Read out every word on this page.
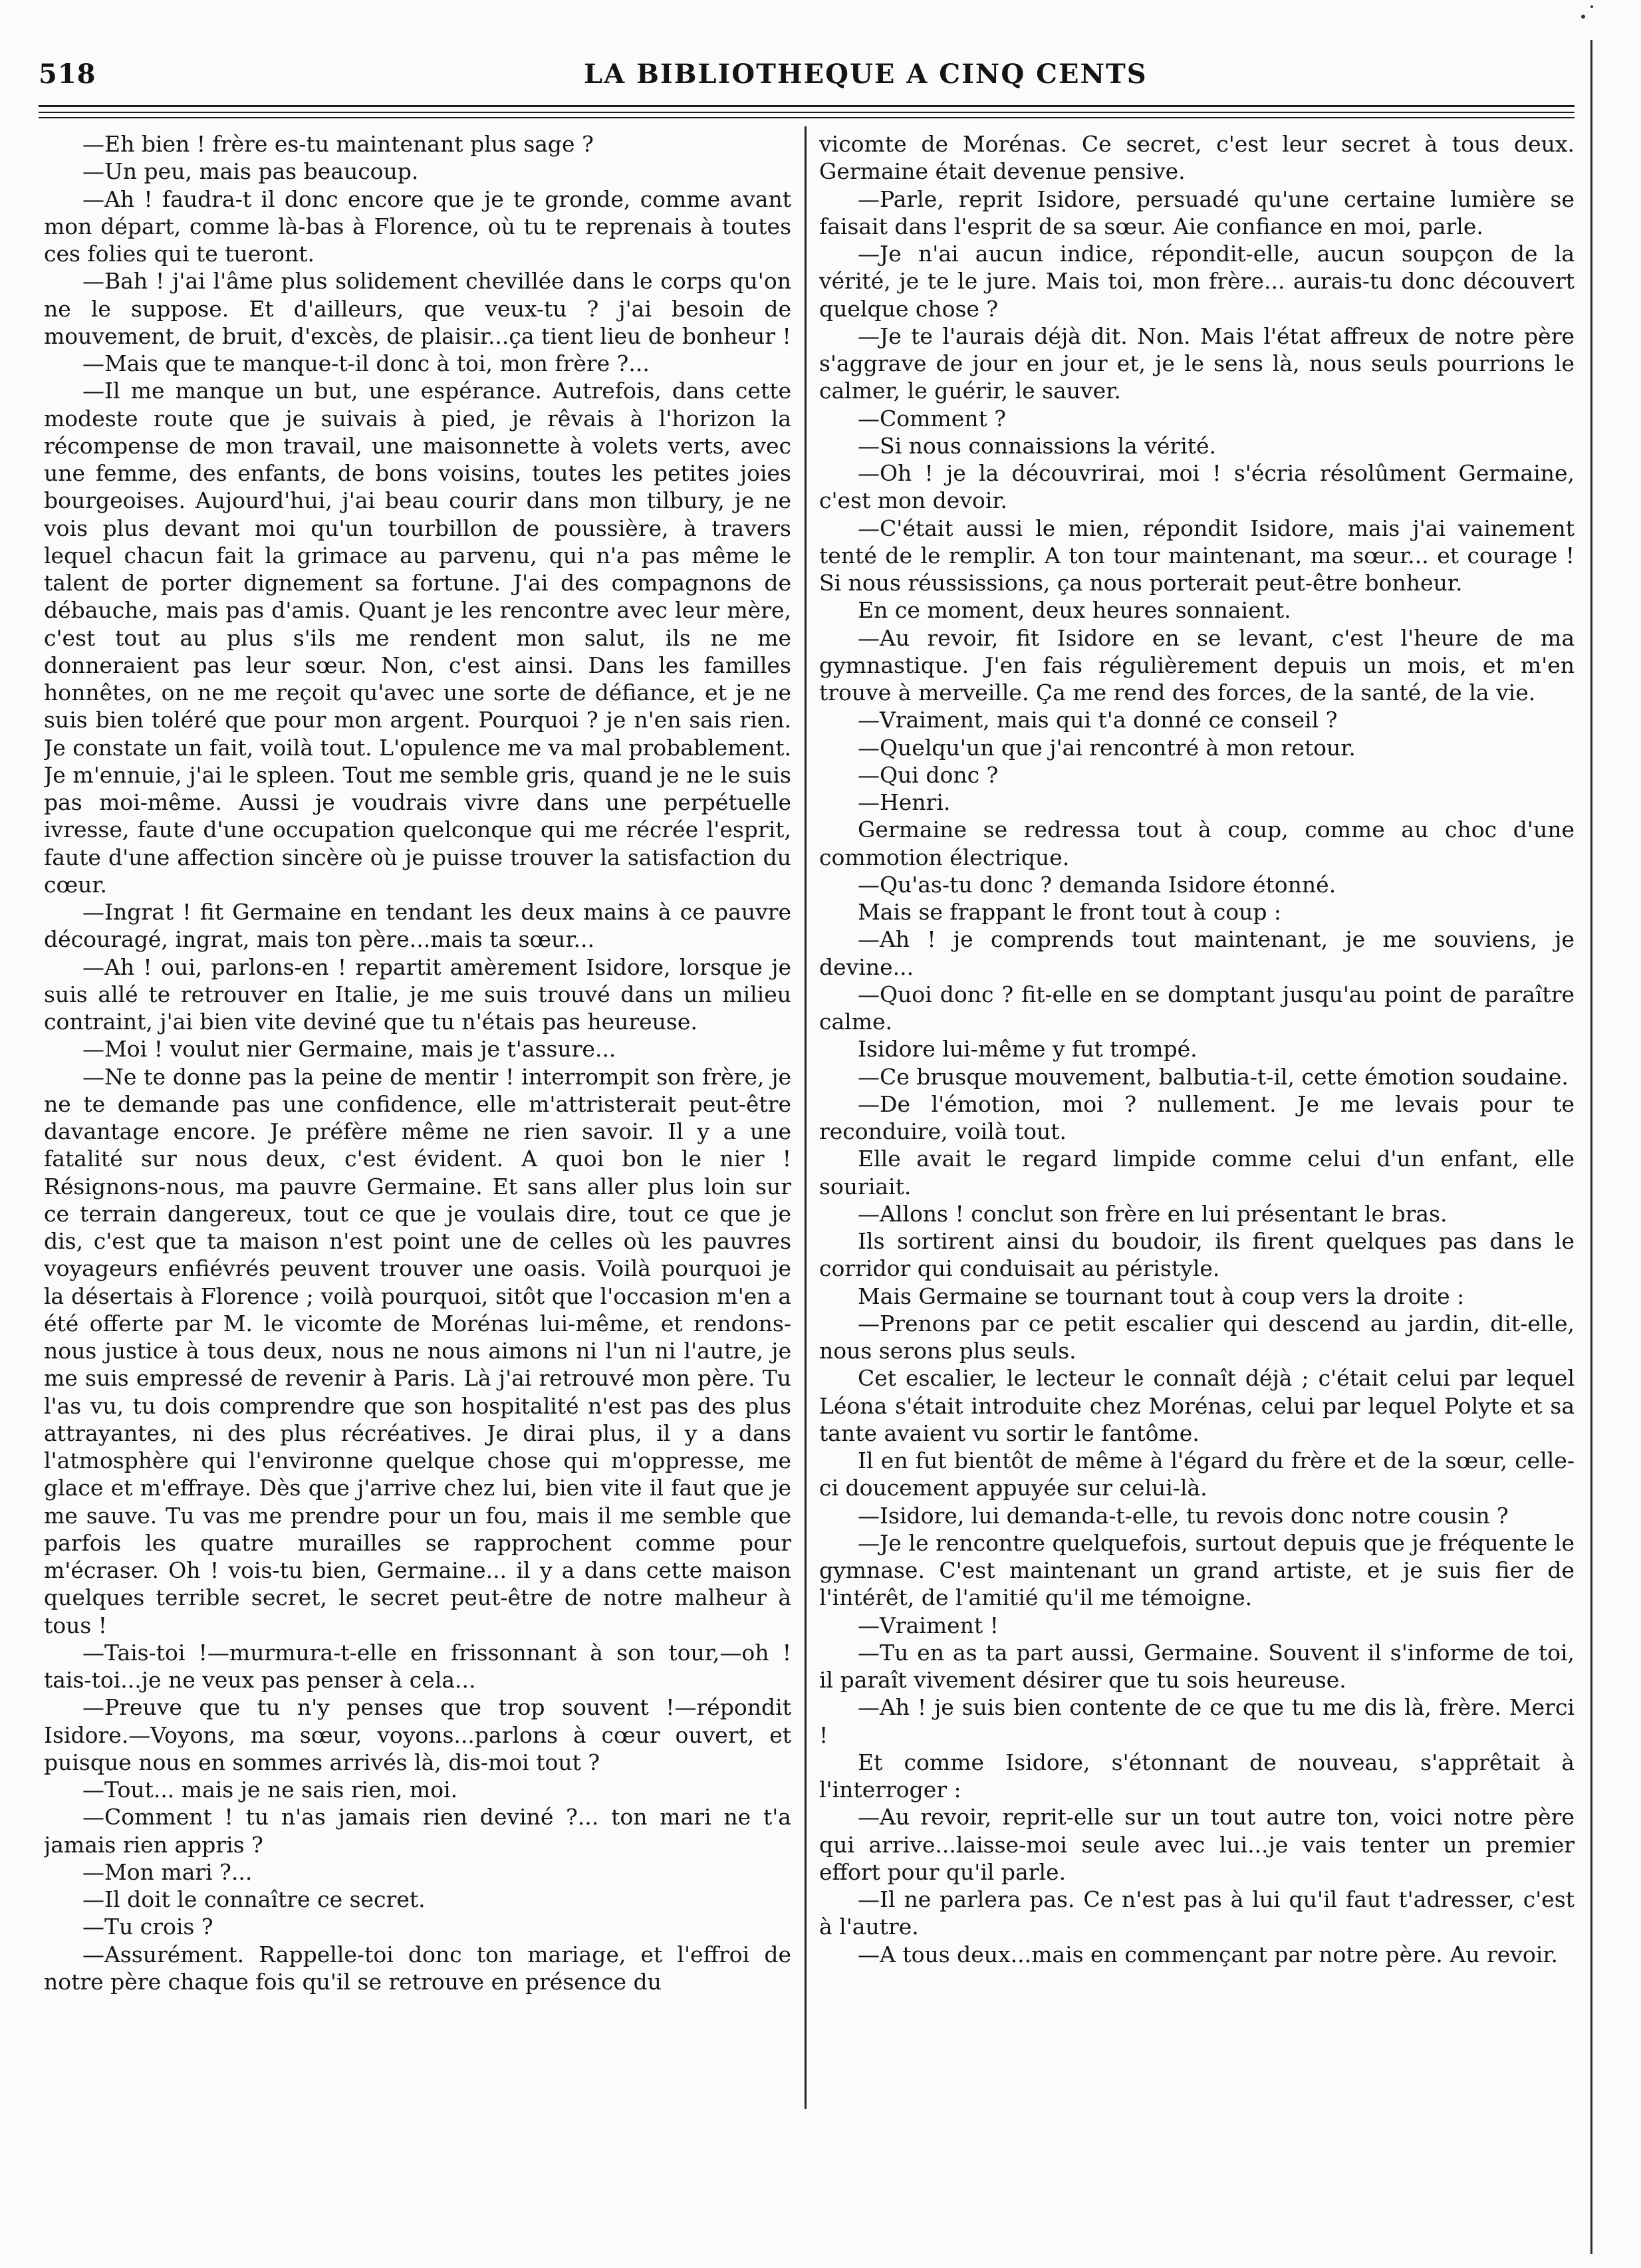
518	LA BIBLIOTHEQUE A CINQ CENTS

—Eh bien ! frère es-tu maintenant plus sage ?

—Un peu, mais pas beaucoup.

—Ah ! faudra-t il donc encore que je te gronde, comme avant mon départ, comme là-bas à Florence, où tu te reprenais à toutes ces folies qui te tueront.

—Bah ! j'ai l'âme plus solidement chevillée dans le corps qu'on ne le suppose. Et d'ailleurs, que veux-tu ? j'ai besoin de mouvement, de bruit, d'excès, de plaisir...ça tient lieu de bonheur !

—Mais que te manque-t-il donc à toi, mon frère ?...

—Il me manque un but, une espérance. Autrefois, dans cette modeste route que je suivais à pied, je rêvais à l'horizon la récompense de mon travail, une maisonnette à volets verts, avec une femme, des enfants, de bons voisins, toutes les petites joies bourgeoises. Aujourd'hui, j'ai beau courir dans mon tilbury, je ne vois plus devant moi qu'un tourbillon de poussière, à travers lequel chacun fait la grimace au parvenu, qui n'a pas même le talent de porter dignement sa fortune. J'ai des compagnons de débauche, mais pas d'amis. Quant je les rencontre avec leur mère, c'est tout au plus s'ils me rendent mon salut, ils ne me donneraient pas leur sœur. Non, c'est ainsi. Dans les familles honnêtes, on ne me reçoit qu'avec une sorte de défiance, et je ne suis bien toléré que pour mon argent. Pourquoi ? je n'en sais rien. Je constate un fait, voilà tout. L'opulence me va mal probablement. Je m'ennuie, j'ai le spleen. Tout me semble gris, quand je ne le suis pas moi-même. Aussi je voudrais vivre dans une perpétuelle ivresse, faute d'une occupation quelconque qui me récrée l'esprit, faute d'une affection sincère où je puisse trouver la satisfaction du cœur.

—Ingrat ! fit Germaine en tendant les deux mains à ce pauvre découragé, ingrat, mais ton père...mais ta sœur...

—Ah ! oui, parlons-en ! repartit amèrement Isidore, lorsque je suis allé te retrouver en Italie, je me suis trouvé dans un milieu contraint, j'ai bien vite deviné que tu n'étais pas heureuse.

—Moi ! voulut nier Germaine, mais je t'assure...

—Ne te donne pas la peine de mentir ! interrompit son frère, je ne te demande pas une confidence, elle m'attristerait peut-être davantage encore. Je préfère même ne rien savoir. Il y a une fatalité sur nous deux, c'est évident. A quoi bon le nier ! Résignons-nous, ma pauvre Germaine. Et sans aller plus loin sur ce terrain dangereux, tout ce que je voulais dire, tout ce que je dis, c'est que ta maison n'est point une de celles où les pauvres voyageurs enfiévrés peuvent trouver une oasis. Voilà pourquoi je la désertais à Florence ; voilà pourquoi, sitôt que l'occasion m'en a été offerte par M. le vicomte de Morénas lui-même, et rendons-nous justice à tous deux, nous ne nous aimons ni l'un ni l'autre, je me suis empressé de revenir à Paris. Là j'ai retrouvé mon père. Tu l'as vu, tu dois comprendre que son hospitalité n'est pas des plus attrayantes, ni des plus récréatives. Je dirai plus, il y a dans l'atmosphère qui l'environne quelque chose qui m'oppresse, me glace et m'effraye. Dès que j'arrive chez lui, bien vite il faut que je me sauve. Tu vas me prendre pour un fou, mais il me semble que parfois les quatre murailles se rapprochent comme pour m'écraser. Oh ! vois-tu bien, Germaine... il y a dans cette maison quelques terrible secret, le secret peut-être de notre malheur à tous !

—Tais-toi !—murmura-t-elle en frissonnant à son tour,—oh ! tais-toi...je ne veux pas penser à cela...

—Preuve que tu n'y penses que trop souvent !—répondit Isidore.—Voyons, ma sœur, voyons...parlons à cœur ouvert, et puisque nous en sommes arrivés là, dis-moi tout ?

—Tout... mais je ne sais rien, moi.

—Comment ! tu n'as jamais rien deviné ?... ton mari ne t'a jamais rien appris ?

—Mon mari ?...

—Il doit le connaître ce secret.

—Tu crois ?

—Assurément. Rappelle-toi donc ton mariage, et l'effroi de notre père chaque fois qu'il se retrouve en présence du

vicomte de Morénas. Ce secret, c'est leur secret à tous deux. Germaine était devenue pensive.

—Parle, reprit Isidore, persuadé qu'une certaine lumière se faisait dans l'esprit de sa sœur. Aie confiance en moi, parle.

—Je n'ai aucun indice, répondit-elle, aucun soupçon de la vérité, je te le jure. Mais toi, mon frère... aurais-tu donc découvert quelque chose ?

—Je te l'aurais déjà dit. Non. Mais l'état affreux de notre père s'aggrave de jour en jour et, je le sens là, nous seuls pourrions le calmer, le guérir, le sauver.

—Comment ?

—Si nous connaissions la vérité.

—Oh ! je la découvrirai, moi ! s'écria résolûment Germaine, c'est mon devoir.

—C'était aussi le mien, répondit Isidore, mais j'ai vainement tenté de le remplir. A ton tour maintenant, ma sœur... et courage ! Si nous réussissions, ça nous porterait peut-être bonheur.

En ce moment, deux heures sonnaient.

—Au revoir, fit Isidore en se levant, c'est l'heure de ma gymnastique. J'en fais régulièrement depuis un mois, et m'en trouve à merveille. Ça me rend des forces, de la santé, de la vie.

—Vraiment, mais qui t'a donné ce conseil ?

—Quelqu'un que j'ai rencontré à mon retour.

—Qui donc ?

—Henri.

Germaine se redressa tout à coup, comme au choc d'une commotion électrique.

—Qu'as-tu donc ? demanda Isidore étonné.

Mais se frappant le front tout à coup :

—Ah ! je comprends tout maintenant, je me souviens, je devine...

—Quoi donc ? fit-elle en se domptant jusqu'au point de paraître calme.

Isidore lui-même y fut trompé.

—Ce brusque mouvement, balbutia-t-il, cette émotion soudaine.

—De l'émotion, moi ? nullement. Je me levais pour te reconduire, voilà tout.

Elle avait le regard limpide comme celui d'un enfant, elle souriait.

—Allons ! conclut son frère en lui présentant le bras.

Ils sortirent ainsi du boudoir, ils firent quelques pas dans le corridor qui conduisait au péristyle.

Mais Germaine se tournant tout à coup vers la droite :

—Prenons par ce petit escalier qui descend au jardin, dit-elle, nous serons plus seuls.

Cet escalier, le lecteur le connaît déjà ; c'était celui par lequel Léona s'était introduite chez Morénas, celui par lequel Polyte et sa tante avaient vu sortir le fantôme.

Il en fut bientôt de même à l'égard du frère et de la sœur, celle-ci doucement appuyée sur celui-là.

—Isidore, lui demanda-t-elle, tu revois donc notre cousin ?

—Je le rencontre quelquefois, surtout depuis que je fréquente le gymnase. C'est maintenant un grand artiste, et je suis fier de l'intérêt, de l'amitié qu'il me témoigne.

—Vraiment !

—Tu en as ta part aussi, Germaine. Souvent il s'informe de toi, il paraît vivement désirer que tu sois heureuse.

—Ah ! je suis bien contente de ce que tu me dis là, frère. Merci !

Et comme Isidore, s'étonnant de nouveau, s'apprêtait à l'interroger :

—Au revoir, reprit-elle sur un tout autre ton, voici notre père qui arrive...laisse-moi seule avec lui...je vais tenter un premier effort pour qu'il parle.

—Il ne parlera pas. Ce n'est pas à lui qu'il faut t'adresser, c'est à l'autre.

—A tous deux...mais en commençant par notre père. Au revoir.
